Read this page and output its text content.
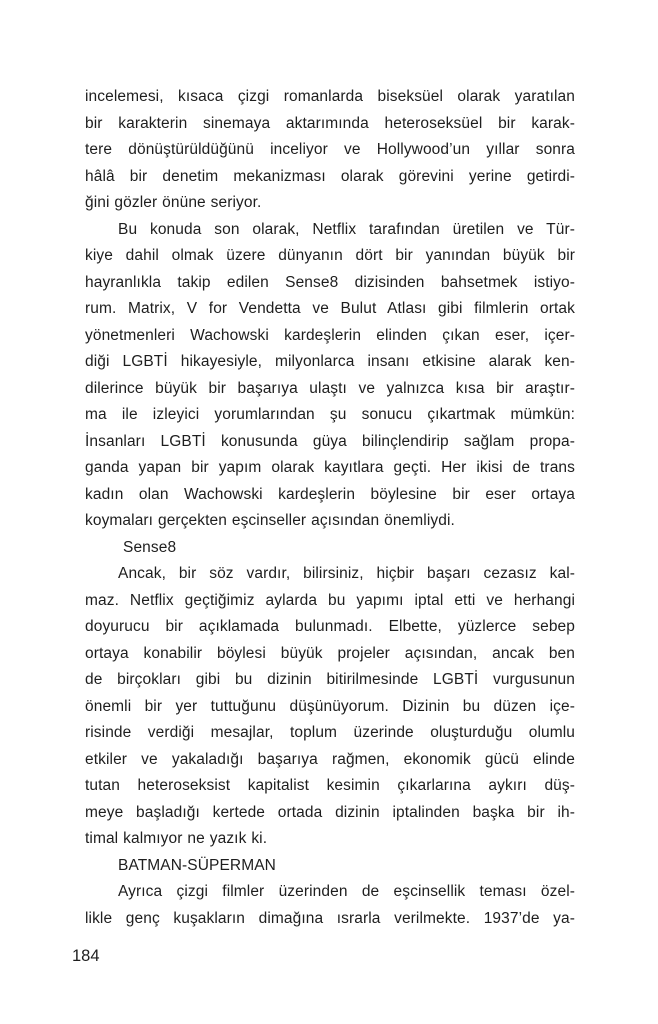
incelemesi, kısaca çizgi romanlarda biseksüel olarak yaratılan
bir karakterin sinemaya aktarımında heteroseksüel bir karak-
tere dönüştürüldüğünü inceliyor ve Hollywood’un yıllar sonra
hâlâ bir denetim mekanizması olarak görevini yerine getirdi-
ğini gözler önüne seriyor.
Bu konuda son olarak, Netflix tarafından üretilen ve Tür-
kiye dahil olmak üzere dünyanın dört bir yanından büyük bir
hayranlıkla takip edilen Sense8 dizisinden bahsetmek istiyo-
rum. Matrix, V for Vendetta ve Bulut Atlası gibi filmlerin ortak
yönetmenleri Wachowski kardeşlerin elinden çıkan eser, içer-
diği LGBTİ hikayesiyle, milyonlarca insanı etkisine alarak ken-
dilerince büyük bir başarıya ulaştı ve yalnızca kısa bir araştır-
ma ile izleyici yorumlarından şu sonucu çıkartmak mümkün:
İnsanları LGBTİ konusunda güya bilinçlendirip sağlam propa-
ganda yapan bir yapım olarak kayıtlara geçti. Her ikisi de trans
kadın olan Wachowski kardeşlerin böylesine bir eser ortaya
koymaları gerçekten eşcinseller açısından önemliydi.
Sense8
Ancak, bir söz vardır, bilirsiniz, hiçbir başarı cezasız kal-
maz. Netflix geçtiğimiz aylarda bu yapımı iptal etti ve herhangi
doyurucu bir açıklamada bulunmadı. Elbette, yüzlerce sebep
ortaya konabilir böylesi büyük projeler açısından, ancak ben
de birçokları gibi bu dizinin bitirilmesinde LGBTİ vurgusunun
önemli bir yer tuttuğunu düşünüyorum. Dizinin bu düzen içe-
risinde verdiği mesajlar, toplum üzerinde oluşturduğu olumlu
etkiler ve yakaladığı başarıya rağmen, ekonomik gücü elinde
tutan heteroseksist kapitalist kesimin çıkarlarına aykırı düş-
meye başladığı kertede ortada dizinin iptalinden başka bir ih-
timal kalmıyor ne yazık ki.
BATMAN-SÜPERMAN
Ayrıca çizgi filmler üzerinden de eşcinsellik teması özel-
likle genç kuşakların dimağına ısrarla verilmekte. 1937’de ya-
184
